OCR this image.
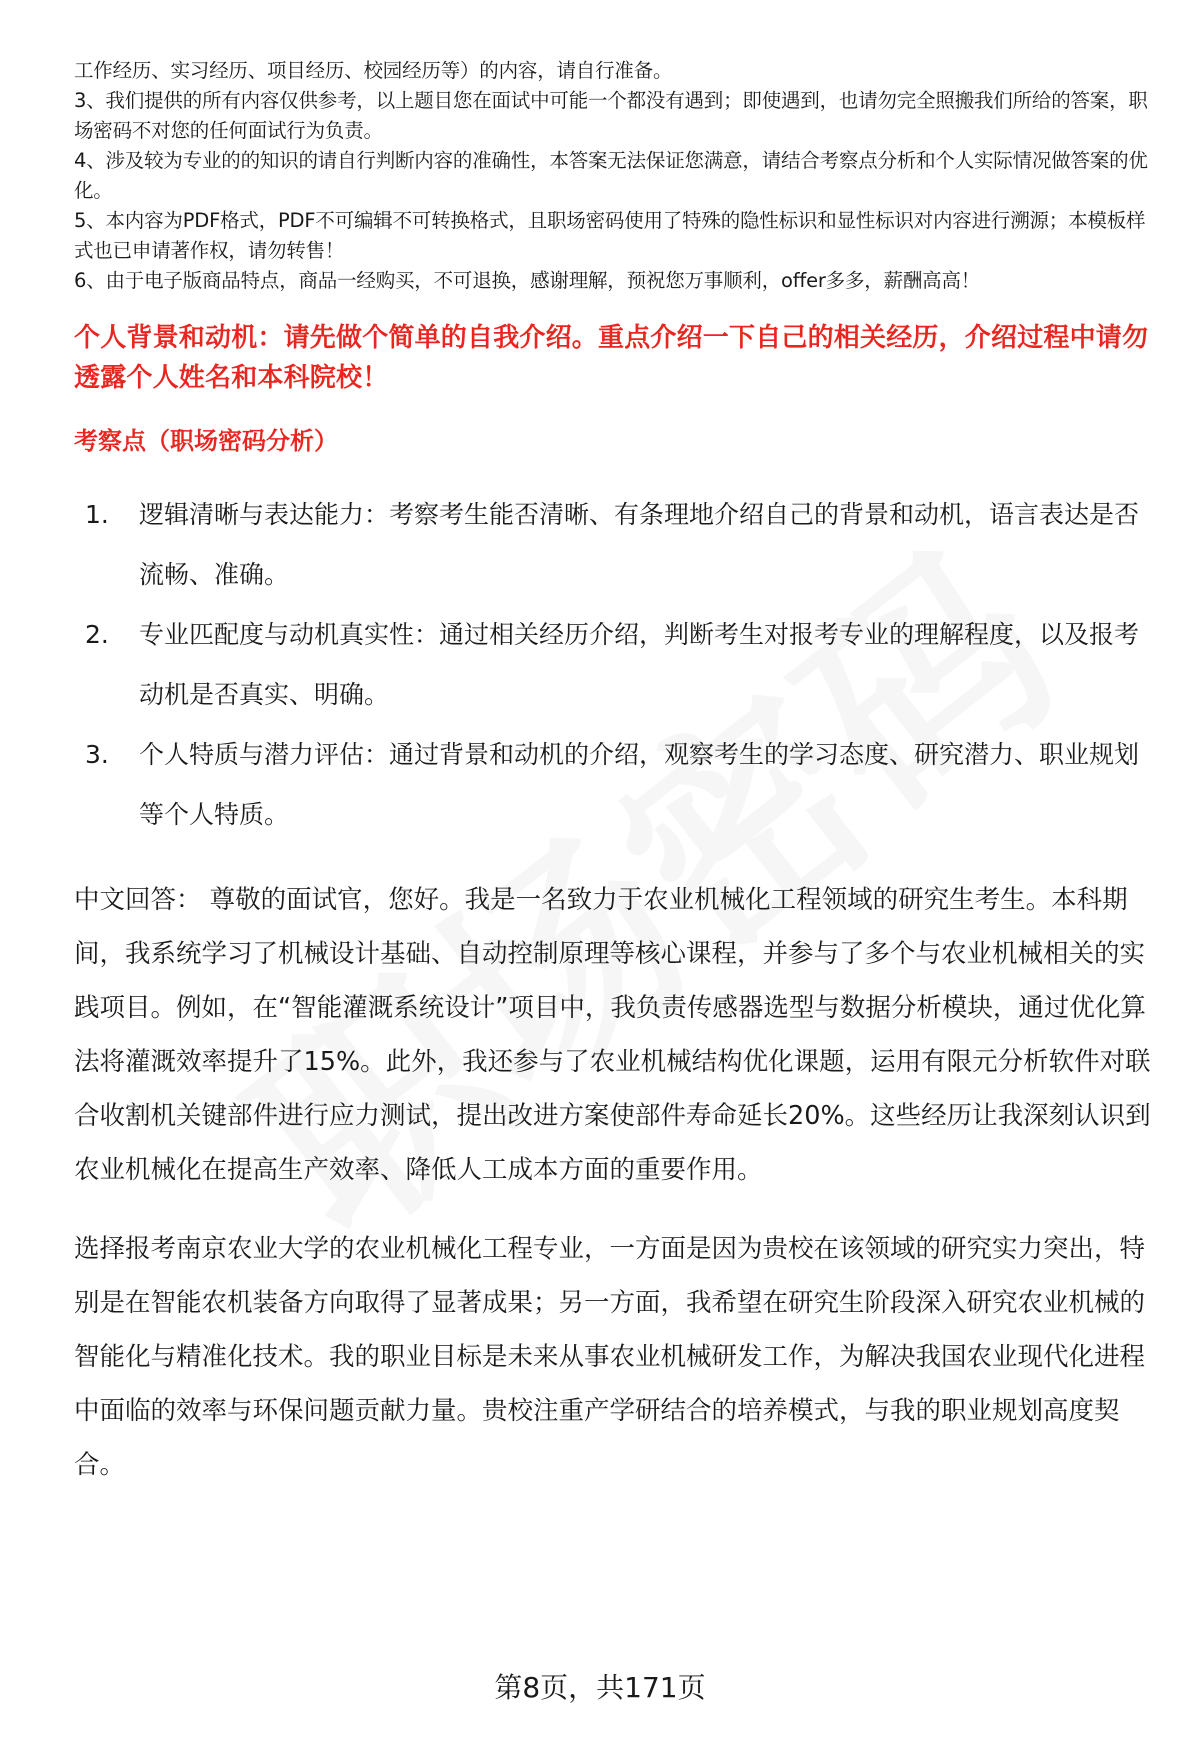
工作经历、实习经历、项目经历、校园经历等）的内容，请自行准备。

3、我们提供的所有内容仅供参考，以上题目您在面试中可能一个都没有遇到；即使遇到，也请勿完全照搬我们所给的答案，职场密码不对您的任何面试行为负责。

4、涉及较为专业的的知识的请自行判断内容的准确性，本答案无法保证您满意，请结合考察点分析和个人实际情况做答案的优化。

5、本内容为PDF格式，PDF不可编辑不可转换格式，且职场密码使用了特殊的隐性标识和显性标识对内容进行溯源；本模板样式也已申请著作权，请勿转售！

6、由于电子版商品特点，商品一经购买，不可退换，感谢理解，预祝您万事顺利，offer多多，薪酬高高！

个人背景和动机：请先做个简单的自我介绍。重点介绍一下自己的相关经历，介绍过程中请勿透露个人姓名和本科院校！
考察点（职场密码分析）
1.	逻辑清晰与表达能力：考察考生能否清晰、有条理地介绍自己的背景和动机，语言表达是否流畅、准确。
2.	专业匹配度与动机真实性：通过相关经历介绍，判断考生对报考专业的理解程度，以及报考动机是否真实、明确。
3.	个人特质与潜力评估：通过背景和动机的介绍，观察考生的学习态度、研究潜力、职业规划等个人特质。

中文回答： 尊敬的面试官，您好。我是一名致力于农业机械化工程领域的研究生考生。本科期间，我系统学习了机械设计基础、自动控制原理等核心课程，并参与了多个与农业机械相关的实践项目。例如，在“智能灌溉系统设计”项目中，我负责传感器选型与数据分析模块，通过优化算法将灌溉效率提升了15%。此外，我还参与了农业机械结构优化课题，运用有限元分析软件对联合收割机关键部件进行应力测试，提出改进方案使部件寿命延长20%。这些经历让我深刻认识到农业机械化在提高生产效率、降低人工成本方面的重要作用。

选择报考南京农业大学的农业机械化工程专业，一方面是因为贵校在该领域的研究实力突出，特别是在智能农机装备方向取得了显著成果；另一方面，我希望在研究生阶段深入研究农业机械的智能化与精准化技术。我的职业目标是未来从事农业机械研发工作，为解决我国农业现代化进程中面临的效率与环保问题贡献力量。贵校注重产学研结合的培养模式，与我的职业规划高度契合。

第8页，共171页
